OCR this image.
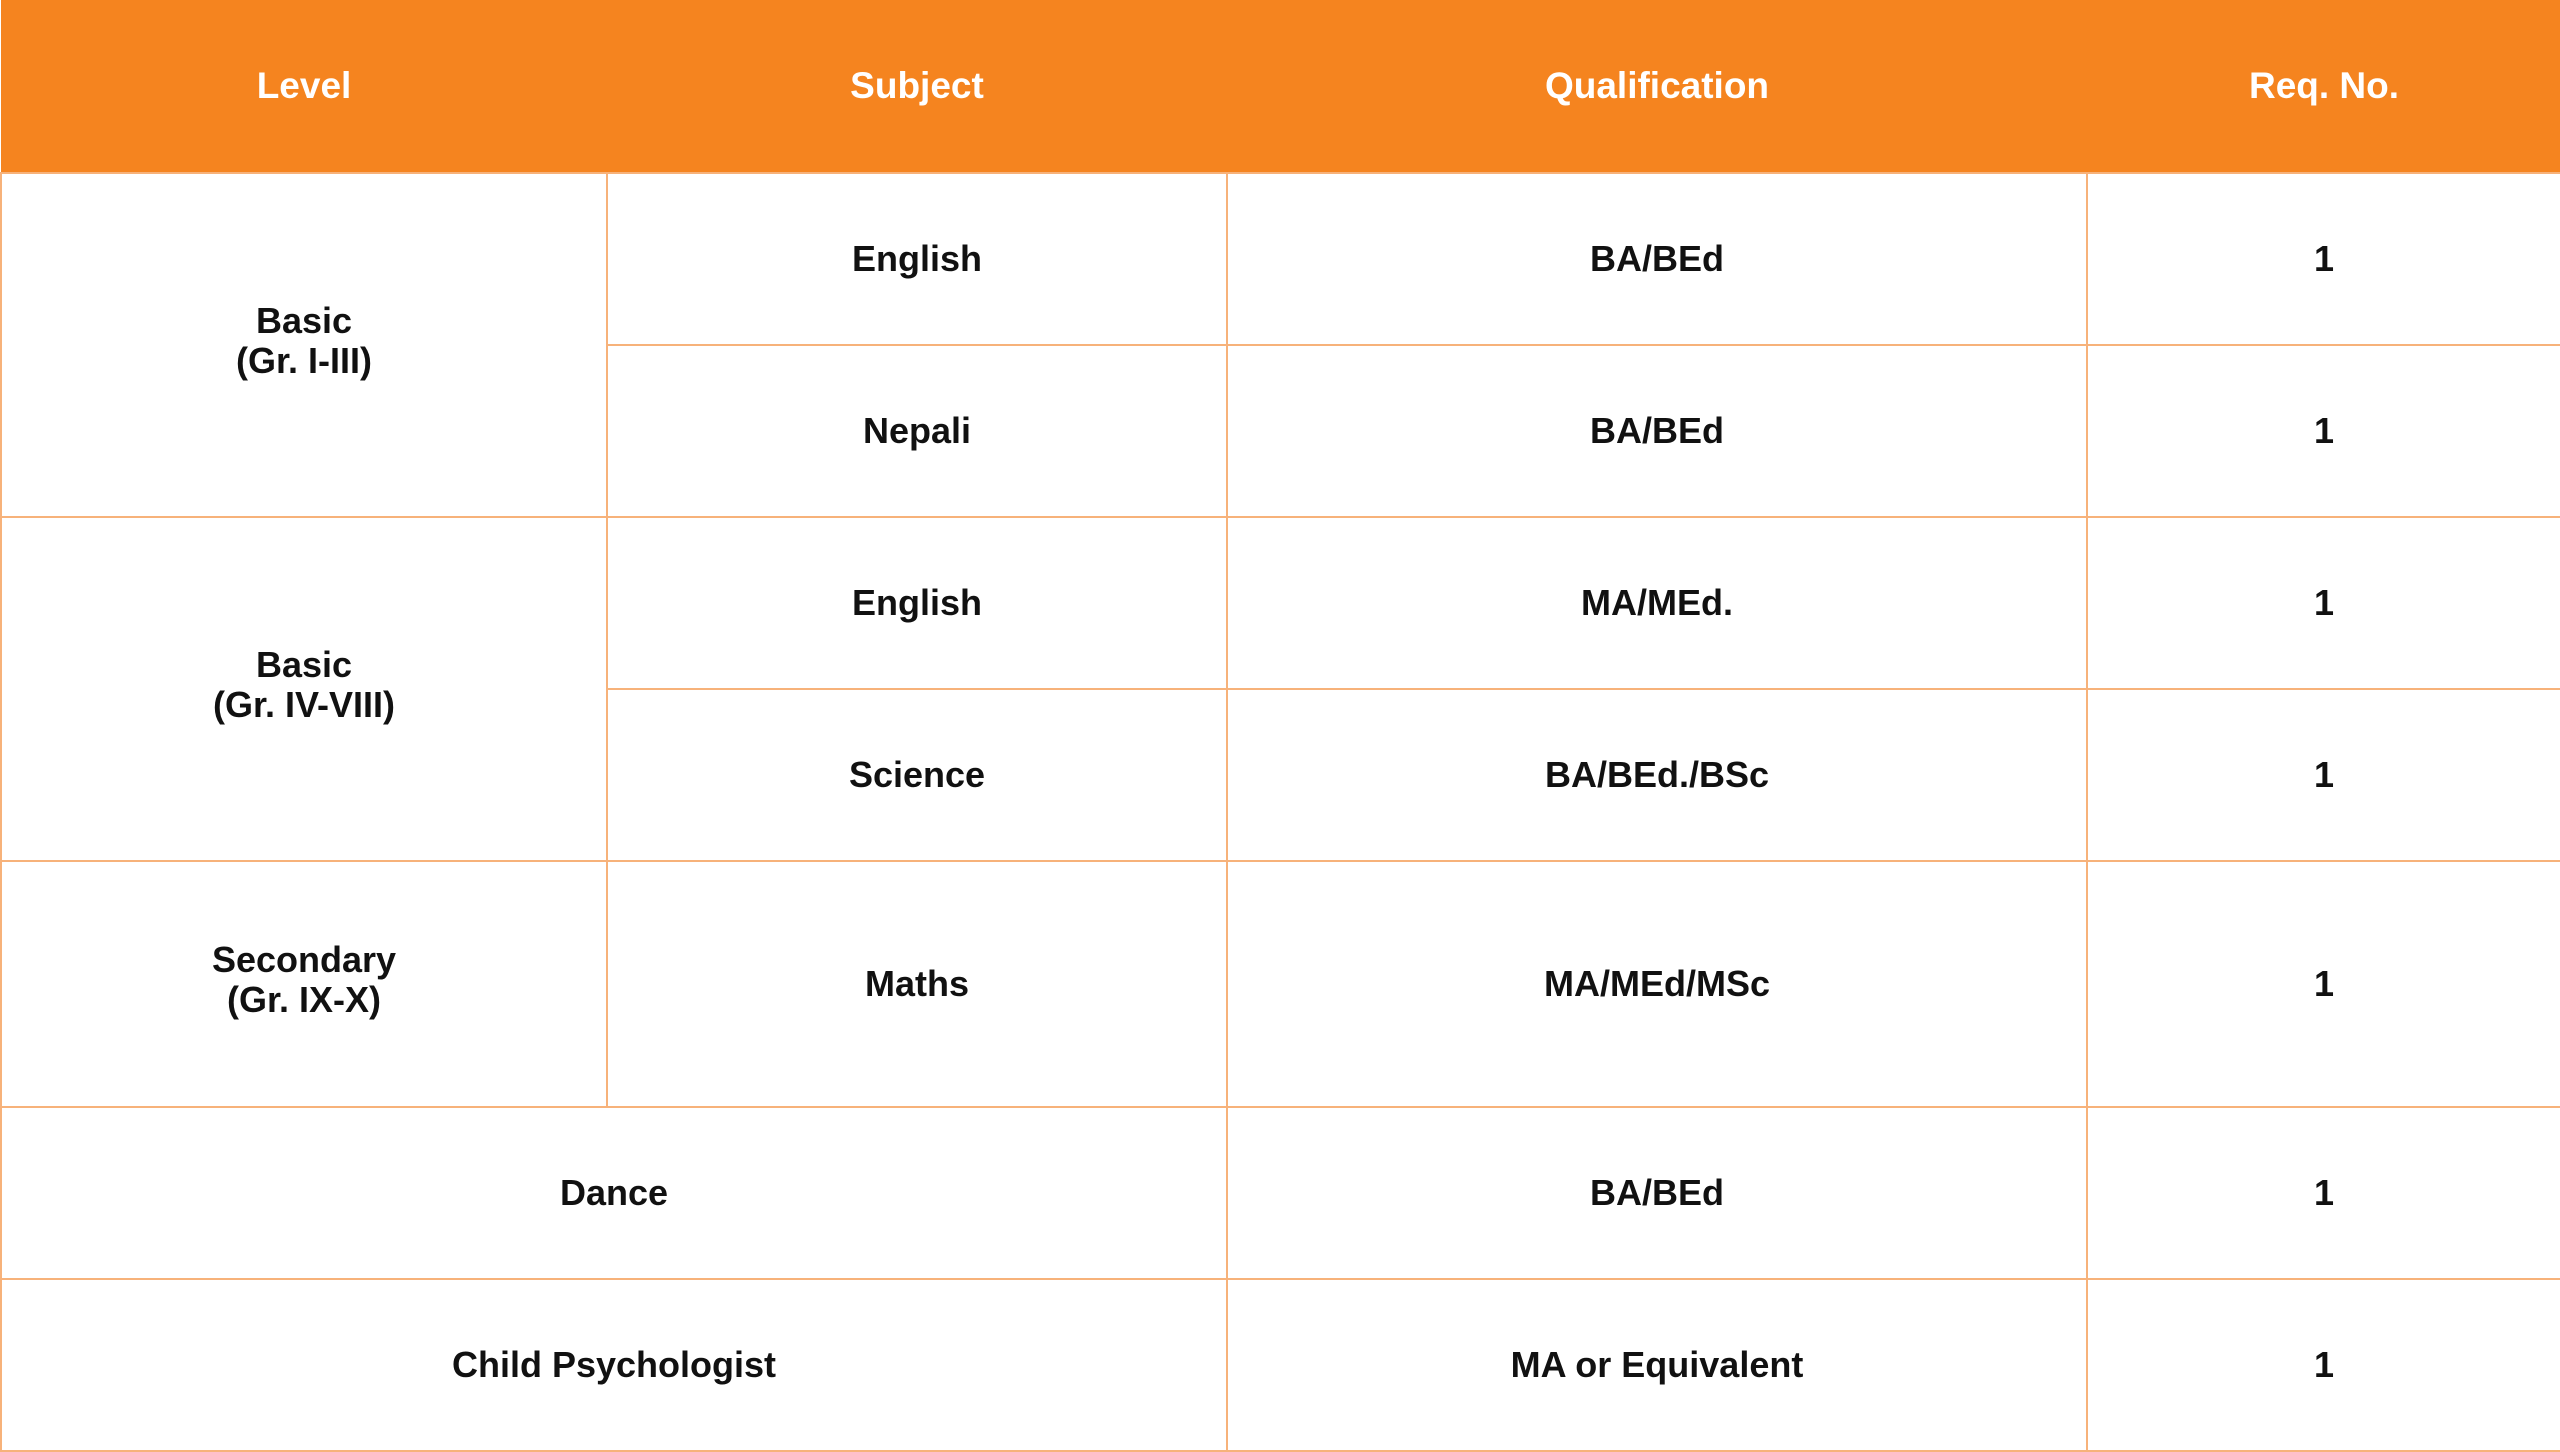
Level	Subject	Qualification	Req. No.

Basic
(Gr. I-III)	English	BA/BEd	1
	Nepali	BA/BEd	1

Basic
(Gr. IV-VIII)	English	MA/MEd.	1
	Science	BA/BEd./BSc	1

Secondary
(Gr. IX-X)	Maths	MA/MEd/MSc	1
Dance		BA/BEd	1
Child Psychologist		MA or Equivalent	1
